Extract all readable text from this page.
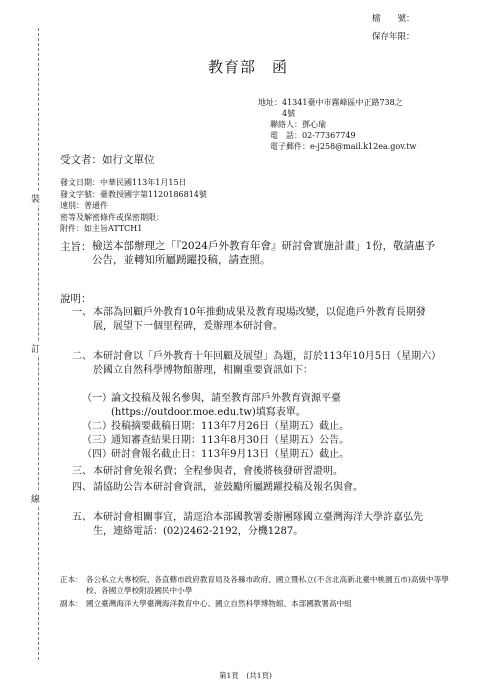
裝
訂
線
檔　　號：
保存年限：
教育部　函
地址：41341臺中市霧峰區中正路738之
4號
聯絡人：鄧心瑜
電　話：02-77367749
電子郵件：e-j258@mail.k12ea.gov.tw
受文者：如行文單位
發文日期：中華民國113年1月15日
發文字號：臺教授國字第1120186814號
速別：普通件
密等及解密條件或保密期限：
附件：如主旨ATTCH1
主旨： 檢送本部辦理之「『2024戶外教育年會』研討會實施計畫」1份，敬請惠予公告，並轉知所屬踴躍投稿，請查照。
說明：
一、 本部為回顧戶外教育10年推動成果及教育現場改變，以促進戶外教育長期發展，展望下一個里程碑，爰辦理本研討會。
二、 本研討會以「戶外教育十年回顧及展望」為題，訂於113年10月5日（星期六）於國立自然科學博物館辦理，相關重要資訊如下：
（一） 論文投稿及報名參與，請至教育部戶外教育資源平臺(https://outdoor.moe.edu.tw)填寫表單。
（二） 投稿摘要截稿日期：113年7月26日（星期五）截止。
（三） 通知審查結果日期：113年8月30日（星期五）公告。
（四） 研討會報名截止日：113年9月13日（星期五）截止。
三、 本研討會免報名費；全程參與者，會後將核發研習證明。
四、 請協助公告本研討會資訊，並鼓勵所屬踴躍投稿及報名與會。
五、 本研討會相關事宜，請逕洽本部國教署委辦團隊國立臺灣海洋大學許嘉弘先生，連絡電話：(02)2462-2192，分機1287。
正本： 各公私立大專校院、各直轄市政府教育局及各縣市政府、國立暨私立(不含北高新北臺中桃園五市)高級中等學校、各國立學校附設國民中小學
副本： 國立臺灣海洋大學臺灣海洋教育中心、國立自然科學博物館、本部國教署高中組
第1頁　(共1頁)
